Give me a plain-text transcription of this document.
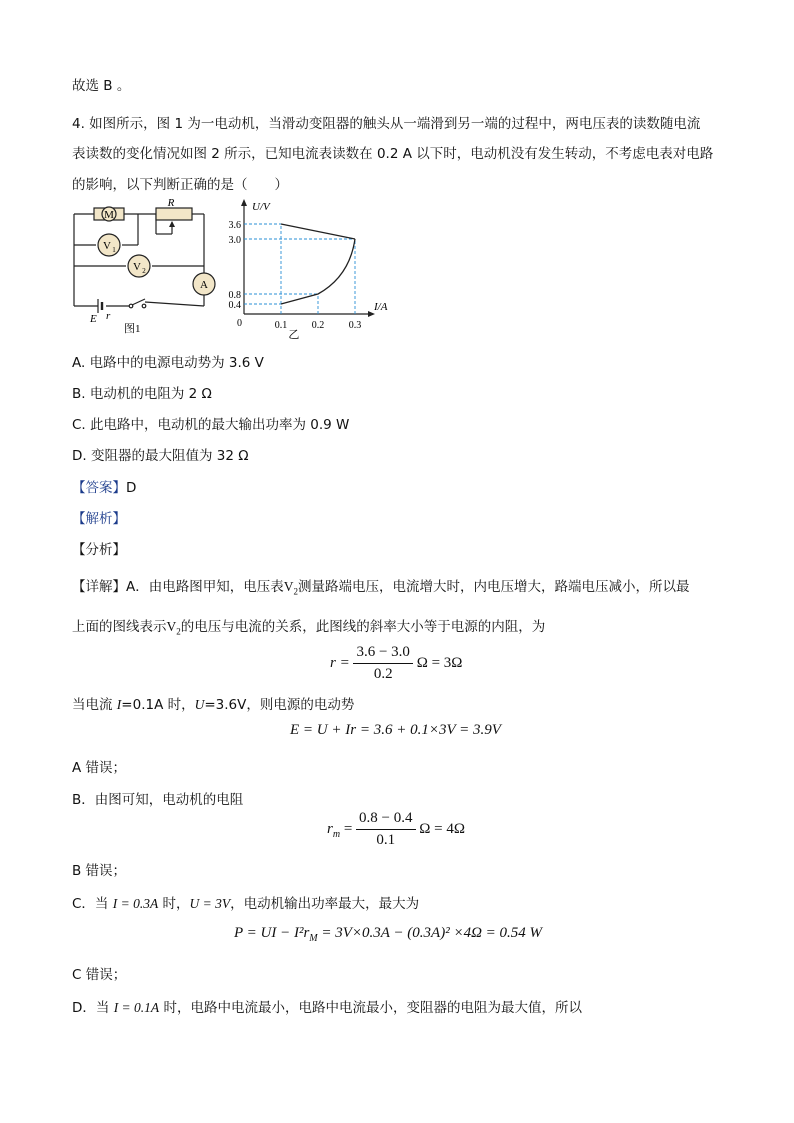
故选 B 。
4. 如图所示，图 1 为一电动机，当滑动变阻器的触头从一端滑到另一端的过程中，两电压表的读数随电流
表读数的变化情况如图 2 所示，已知电流表读数在 0.2 A 以下时，电动机没有发生转动，不考虑电表对电路
的影响，以下判断正确的是（　　）
M
R
V 1
V 2
A
E r
图1
U/V
I/A
0
0.4
0.8
3.0
3.6
0.1 0.2 0.3
乙
A. 电路中的电源电动势为 3.6 V
B. 电动机的电阻为 2 Ω
C. 此电路中，电动机的最大输出功率为 0.9 W
D. 变阻器的最大阻值为 32 Ω
【答案】D
【解析】
【分析】
【详解】A．由电路图甲知，电压表$V_2$测量路端电压，电流增大时，内电压增大，路端电压减小，所以最
上面的图线表示$V_2$的电压与电流的关系，此图线的斜率大小等于电源的内阻，为
$r = \frac{3.6 - 3.0}{0.2}$ Ω = 3Ω
当电流 I=0.1A 时，U=3.6V，则电源的电动势
E = U + Ir = 3.6 + 0.1×3V = 3.9V
A 错误；
B．由图可知，电动机的电阻
$r_m = \frac{0.8 - 0.4}{0.1}$ Ω = 4Ω
B 错误；
C．当 I = 0.3A 时，U = 3V，电动机输出功率最大，最大为
P = UI − $I^2r_M = 3V\times 0.3A - (0.3A)^2 \times 4\Omega = 0.54$ W
C 错误；
D．当 I = 0.1A 时，电路中电流最小，电路中电流最小，变阻器的电阻为最大值，所以
